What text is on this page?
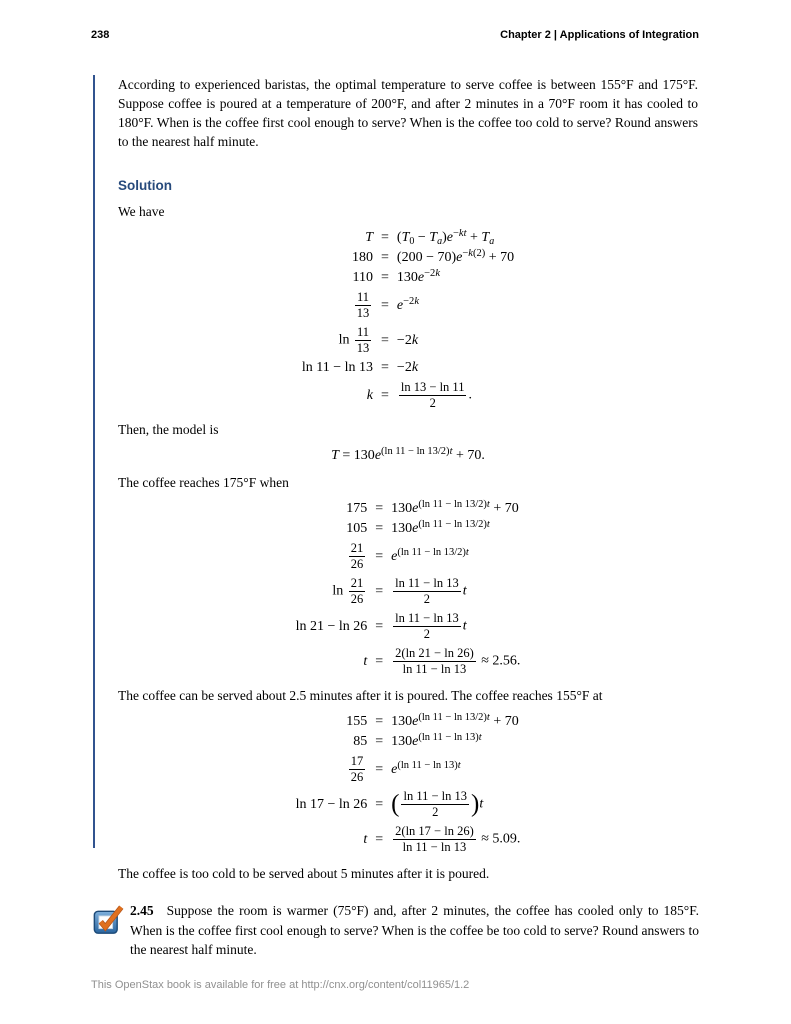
238	Chapter 2 | Applications of Integration

According to experienced baristas, the optimal temperature to serve coffee is between 155°F and 175°F. Suppose coffee is poured at a temperature of 200°F, and after 2 minutes in a 70°F room it has cooled to 180°F. When is the coffee first cool enough to serve? When is the coffee too cold to serve? Round answers to the nearest half minute.

Solution

We have

T	=	$(T_0 - T_a)e^{-kt} + T_a$
180	=	$(200 - 70)e^{-k(2)} + 70$
110	=	$130e^{-2k}$

$\frac{11}{13}$	=	$e^{-2k}$
$\ln \frac{11}{13}$	=	−2k
ln 11 − ln 13	=	−2k
k	=	$\frac{\ln 13 - \ln 11}{2}$ .

Then, the model is

$T = 130e^{(ln 11 - ln 13/2)t} + 70$.

The coffee reaches 175°F when

175	=	$130e^{(ln 11 - ln 13/2)t} + 70$
105	=	$130e^{(ln 11 - ln 13/2)t}$

$\frac{21}{26}$	=	$e^{(ln 11 - ln 13/2)t}$
$\ln \frac{21}{26}$	=	$\frac{\ln 11 - \ln 13}{2}$ t
ln 21 − ln 26	=	$\frac{\ln 11 - \ln 13}{2}$ t
t	=	$\frac{2(\ln 21 - \ln 26)}{\ln 11 - \ln 13} \approx 2.56$.

The coffee can be served about 2.5 minutes after it is poured. The coffee reaches 155°F at

155	=	$130e^{(ln 11 - ln 13/2)t} + 70$
85	=	$130e^{(ln 11 - ln 13)t}$

$\frac{17}{26}$	=	$e^{(ln 11 - ln 13)t}$
ln 17 − ln 26	=	( $\frac{\ln 11 - \ln 13}{2} )t$
t	=	$\frac{2(\ln 17 - \ln 26)}{\ln 11 - \ln 13} \approx 5.09$.

The coffee is too cold to be served about 5 minutes after it is poured.

2.45 Suppose the room is warmer (75°F) and, after 2 minutes, the coffee has cooled only to 185°F. When is the coffee first cool enough to serve? When is the coffee be too cold to serve? Round answers to the nearest half minute.

This OpenStax book is available for free at http://cnx.org/content/col11965/1.2
